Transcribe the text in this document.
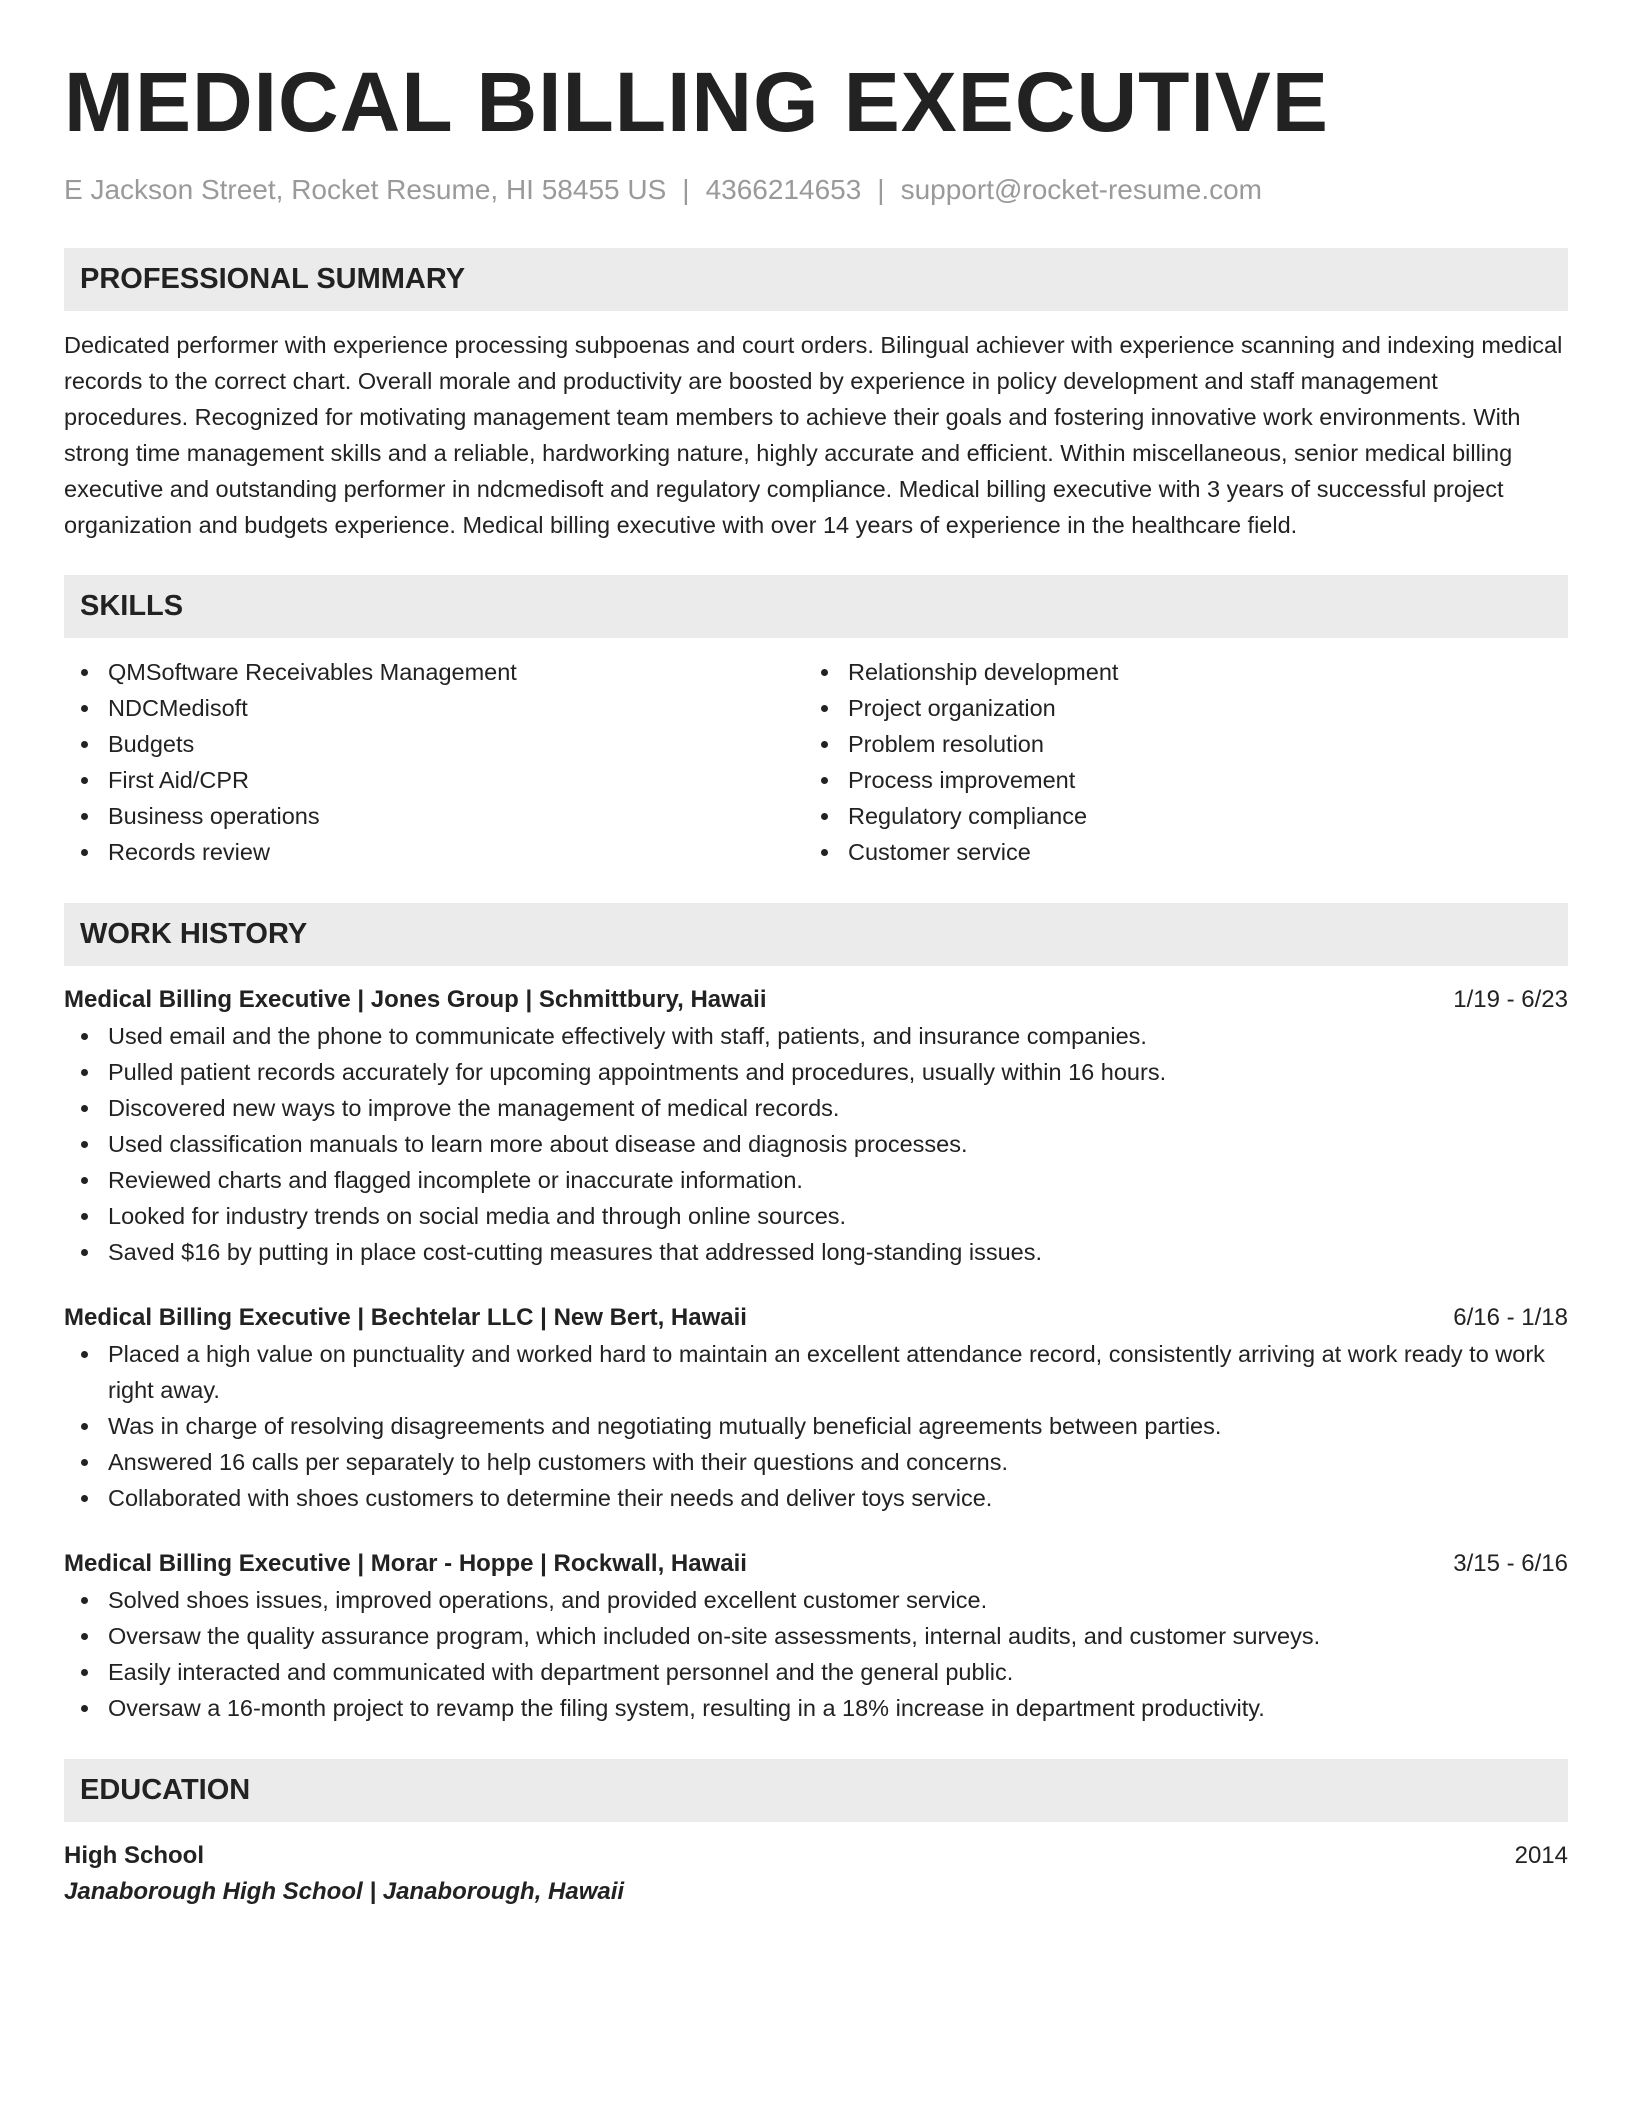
MEDICAL BILLING EXECUTIVE
E Jackson Street, Rocket Resume, HI 58455 US | 4366214653 | support@rocket-resume.com
PROFESSIONAL SUMMARY
Dedicated performer with experience processing subpoenas and court orders. Bilingual achiever with experience scanning and indexing medical records to the correct chart. Overall morale and productivity are boosted by experience in policy development and staff management procedures. Recognized for motivating management team members to achieve their goals and fostering innovative work environments. With strong time management skills and a reliable, hardworking nature, highly accurate and efficient. Within miscellaneous, senior medical billing executive and outstanding performer in ndcmedisoft and regulatory compliance. Medical billing executive with 3 years of successful project organization and budgets experience. Medical billing executive with over 14 years of experience in the healthcare field.
SKILLS
QMSoftware Receivables Management
NDCMedisoft
Budgets
First Aid/CPR
Business operations
Records review
Relationship development
Project organization
Problem resolution
Process improvement
Regulatory compliance
Customer service
WORK HISTORY
Medical Billing Executive | Jones Group | Schmittbury, Hawaii	1/19 - 6/23
Used email and the phone to communicate effectively with staff, patients, and insurance companies.
Pulled patient records accurately for upcoming appointments and procedures, usually within 16 hours.
Discovered new ways to improve the management of medical records.
Used classification manuals to learn more about disease and diagnosis processes.
Reviewed charts and flagged incomplete or inaccurate information.
Looked for industry trends on social media and through online sources.
Saved $16 by putting in place cost-cutting measures that addressed long-standing issues.
Medical Billing Executive | Bechtelar LLC | New Bert, Hawaii	6/16 - 1/18
Placed a high value on punctuality and worked hard to maintain an excellent attendance record, consistently arriving at work ready to work right away.
Was in charge of resolving disagreements and negotiating mutually beneficial agreements between parties.
Answered 16 calls per separately to help customers with their questions and concerns.
Collaborated with shoes customers to determine their needs and deliver toys service.
Medical Billing Executive | Morar - Hoppe | Rockwall, Hawaii	3/15 - 6/16
Solved shoes issues, improved operations, and provided excellent customer service.
Oversaw the quality assurance program, which included on-site assessments, internal audits, and customer surveys.
Easily interacted and communicated with department personnel and the general public.
Oversaw a 16-month project to revamp the filing system, resulting in a 18% increase in department productivity.
EDUCATION
High School	2014
Janaborough High School | Janaborough, Hawaii
